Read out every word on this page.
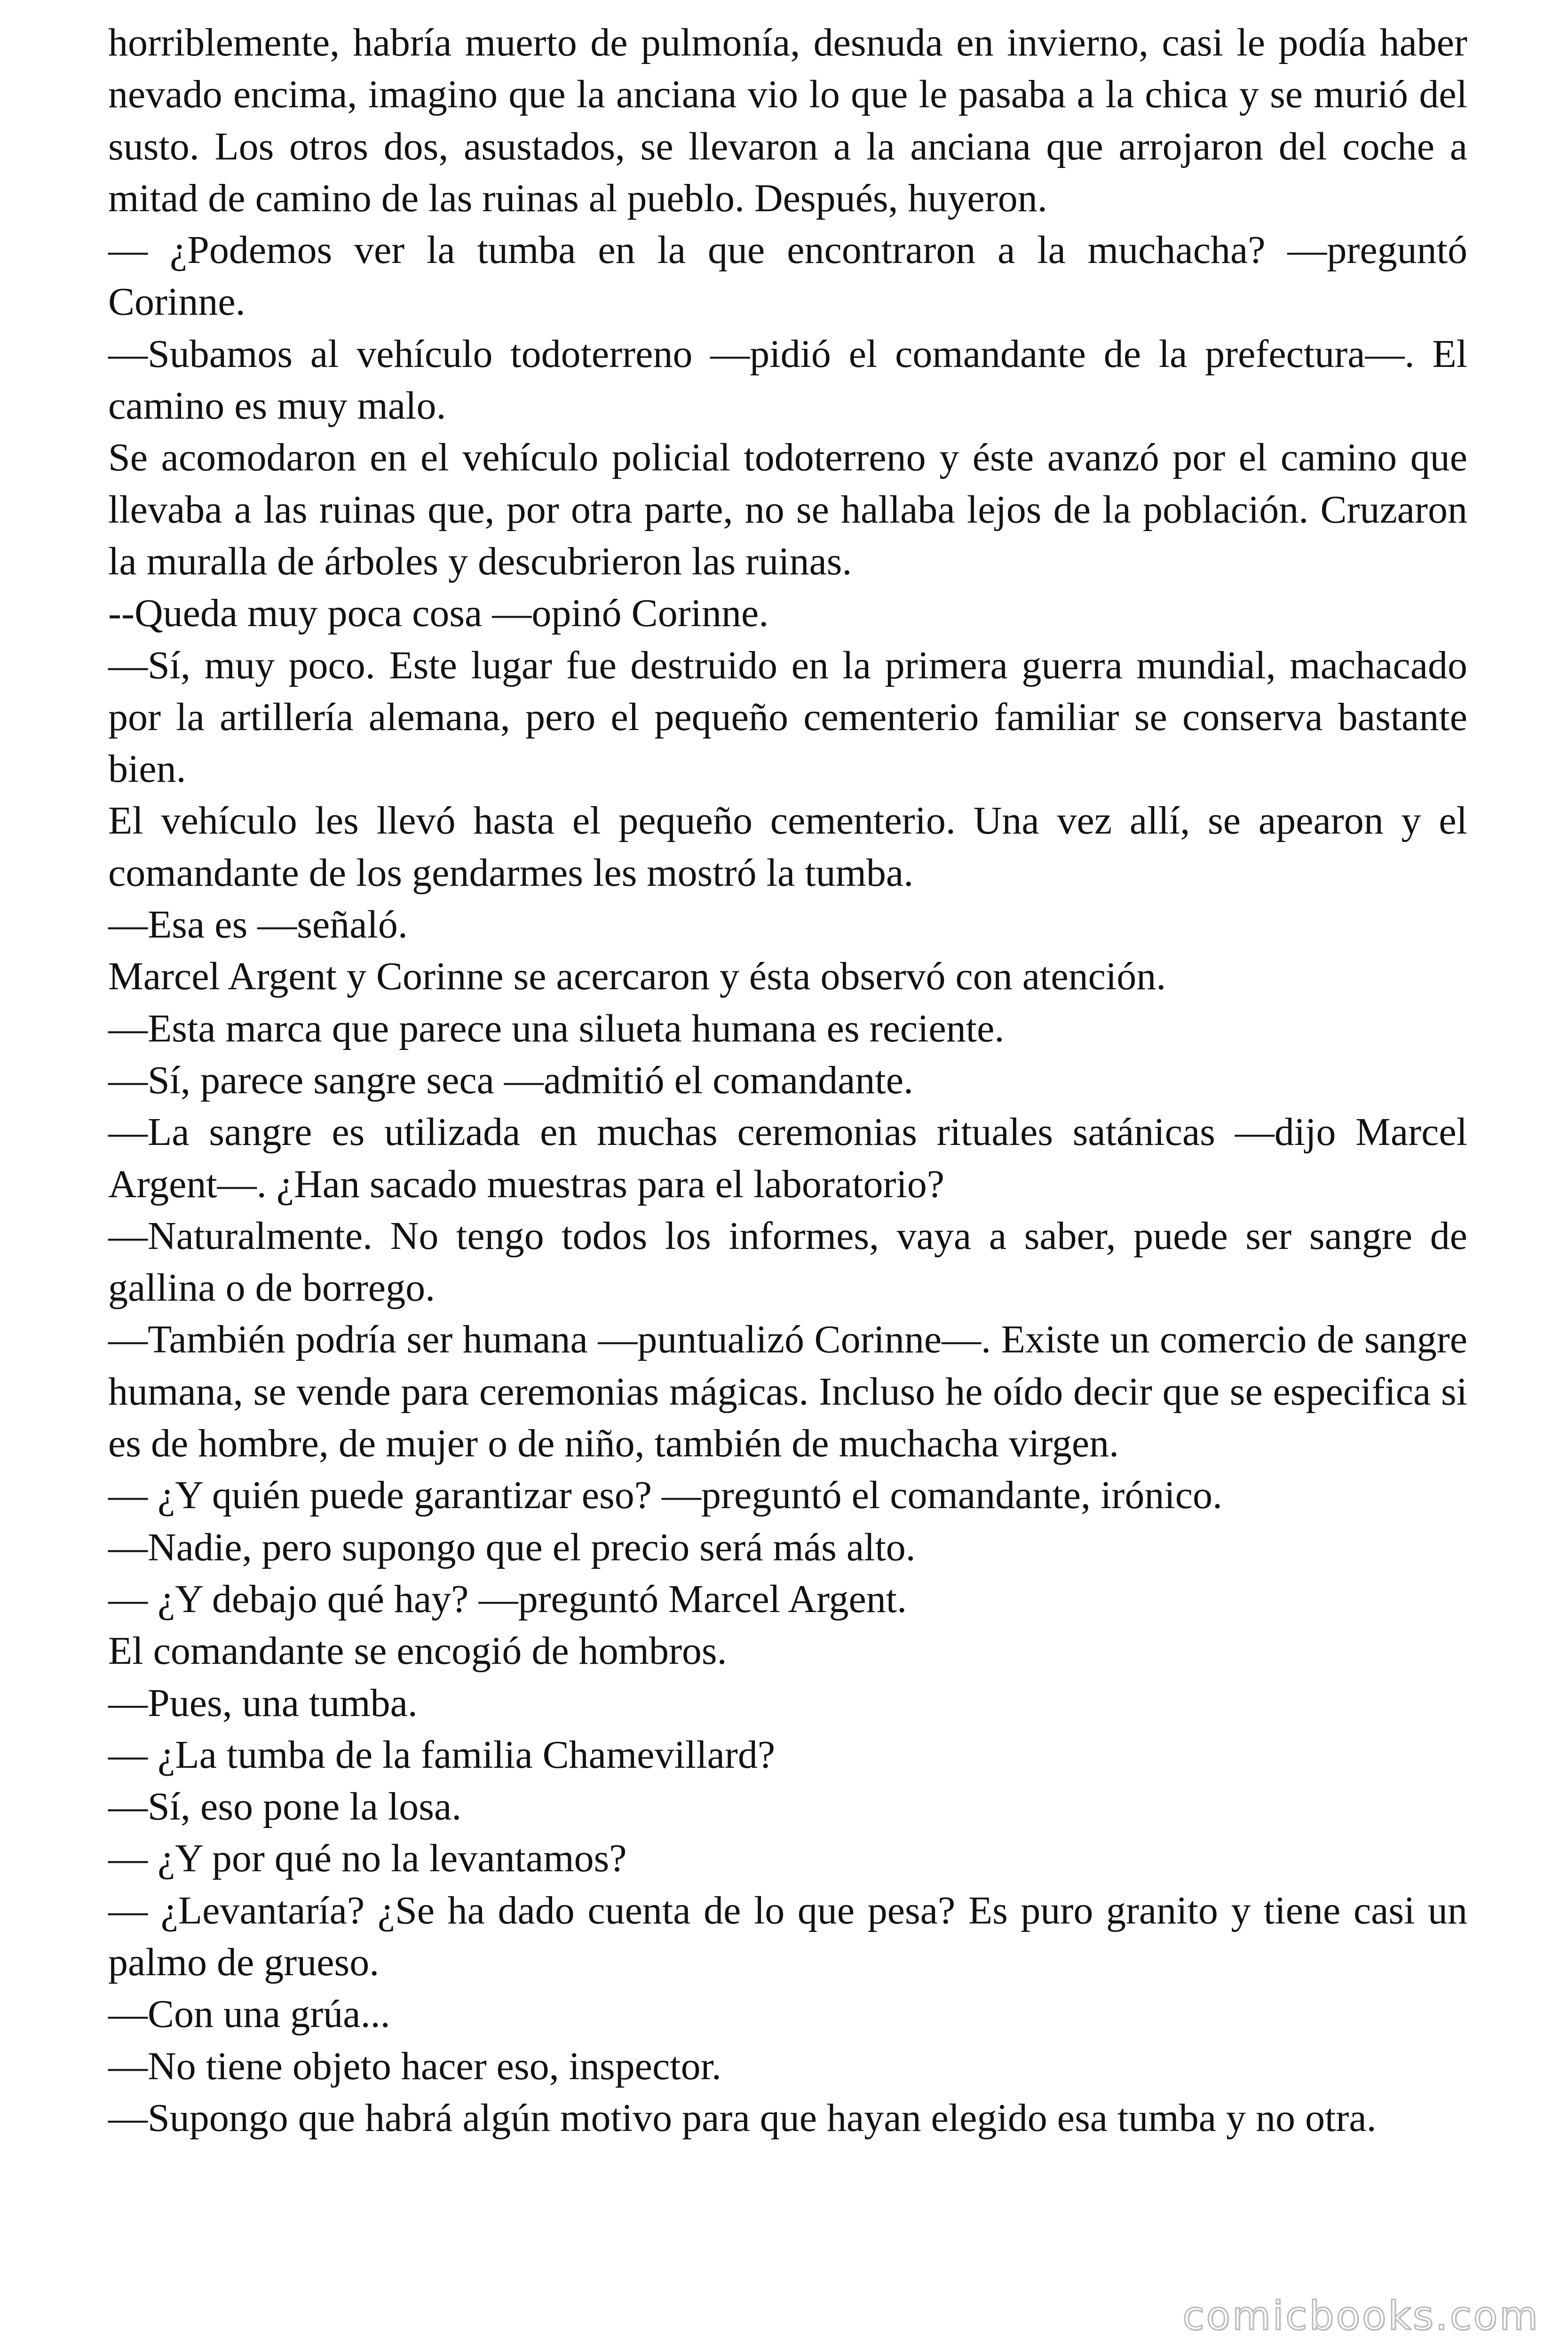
horriblemente, habría muerto de pulmonía, desnuda en invierno, casi le podía haber nevado encima, imagino que la anciana vio lo que le pasaba a la chica y se murió del susto. Los otros dos, asustados, se llevaron a la anciana que arrojaron del coche a mitad de camino de las ruinas al pueblo. Después, huyeron.

— ¿Podemos ver la tumba en la que encontraron a la muchacha? —preguntó Corinne.

—Subamos al vehículo todoterreno —pidió el comandante de la prefectura—. El camino es muy malo.

Se acomodaron en el vehículo policial todoterreno y éste avanzó por el camino que llevaba a las ruinas que, por otra parte, no se hallaba lejos de la población. Cruzaron la muralla de árboles y descubrieron las ruinas.

--Queda muy poca cosa —opinó Corinne.

—Sí, muy poco. Este lugar fue destruido en la primera guerra mundial, machacado por la artillería alemana, pero el pequeño cementerio familiar se conserva bastante bien.

El vehículo les llevó hasta el pequeño cementerio. Una vez allí, se apearon y el comandante de los gendarmes les mostró la tumba.

—Esa es —señaló.

Marcel Argent y Corinne se acercaron y ésta observó con atención.

—Esta marca que parece una silueta humana es reciente.

—Sí, parece sangre seca —admitió el comandante.

—La sangre es utilizada en muchas ceremonias rituales satánicas —dijo Marcel Argent—. ¿Han sacado muestras para el laboratorio?

—Naturalmente. No tengo todos los informes, vaya a saber, puede ser sangre de gallina o de borrego.

—También podría ser humana —puntualizó Corinne—. Existe un comercio de sangre humana, se vende para ceremonias mágicas. Incluso he oído decir que se especifica si es de hombre, de mujer o de niño, también de muchacha virgen.

— ¿Y quién puede garantizar eso? —preguntó el comandante, irónico.

—Nadie, pero supongo que el precio será más alto.

— ¿Y debajo qué hay? —preguntó Marcel Argent.

El comandante se encogió de hombros.

—Pues, una tumba.

— ¿La tumba de la familia Chamevillard?

—Sí, eso pone la losa.

— ¿Y por qué no la levantamos?

— ¿Levantaría? ¿Se ha dado cuenta de lo que pesa? Es puro granito y tiene casi un palmo de grueso.

—Con una grúa...

—No tiene objeto hacer eso, inspector.

—Supongo que habrá algún motivo para que hayan elegido esa tumba y no otra.

comicbooks.com
